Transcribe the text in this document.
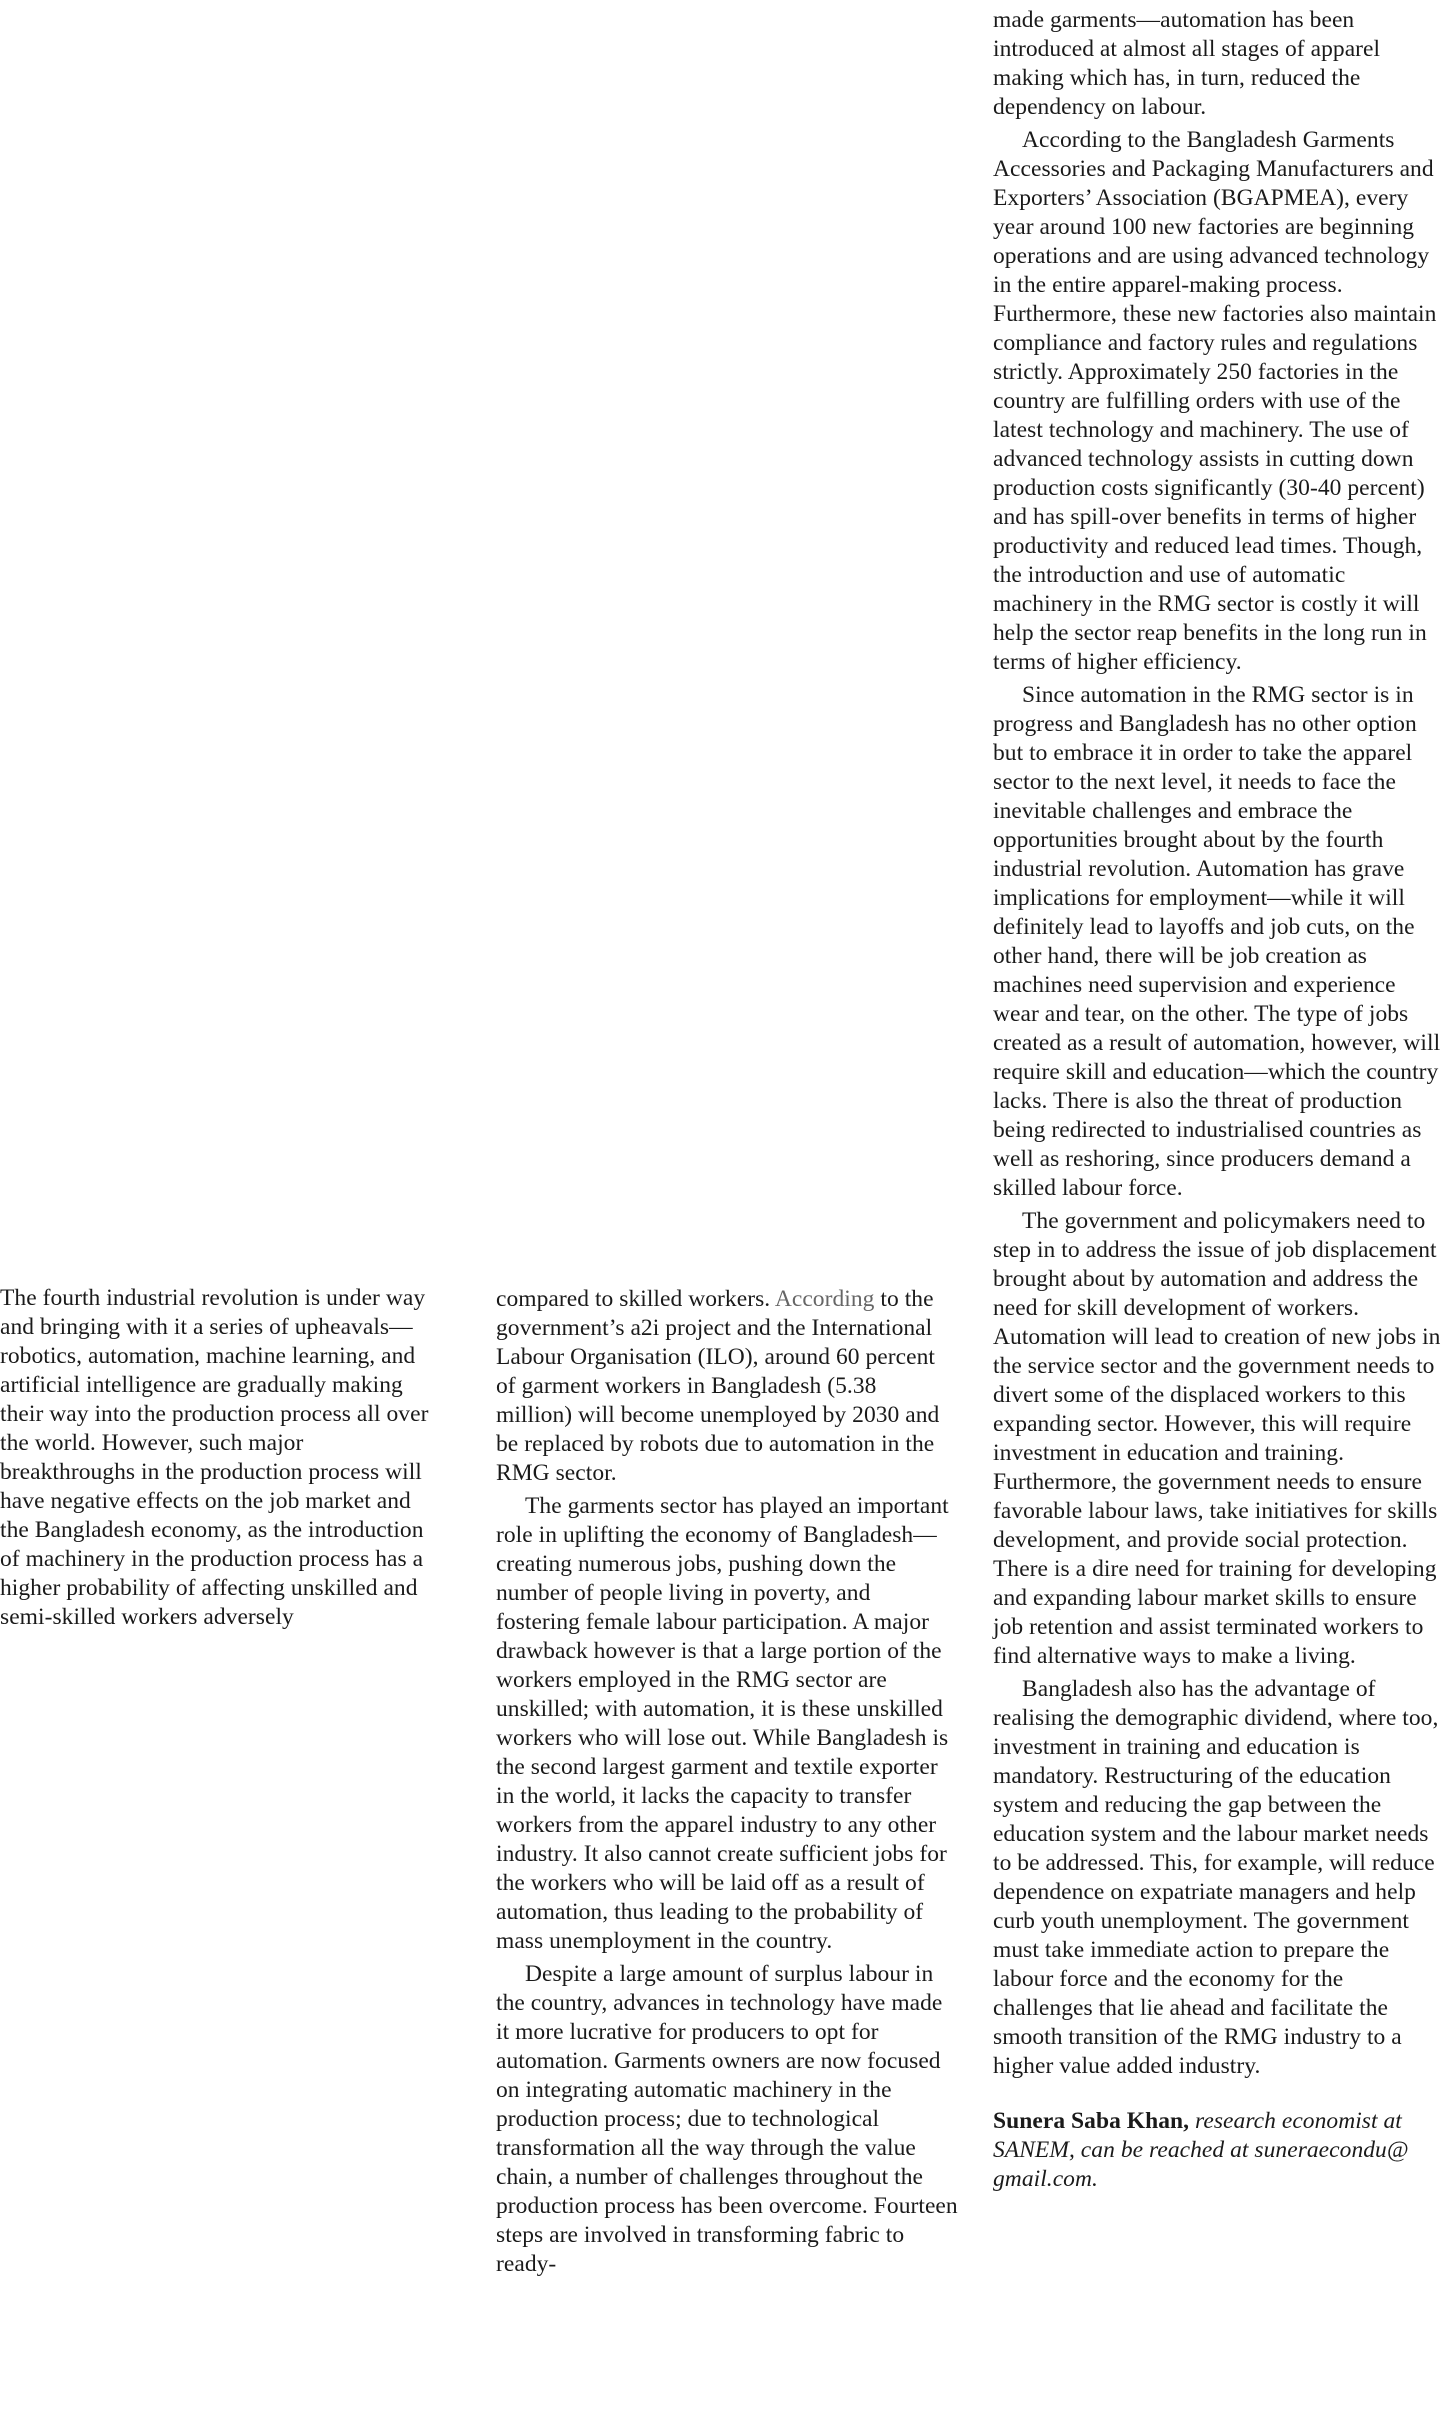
The fourth industrial revolution is under way and bringing with it a series of upheavals—robotics, automation, machine learning, and artificial intelligence are gradually making their way into the production process all over the world. However, such major breakthroughs in the production process will have negative effects on the job market and the Bangladesh economy, as the introduction of machinery in the production process has a higher probability of affecting unskilled and semi-skilled workers adversely

compared to skilled workers. According to the government’s a2i project and the International Labour Organisation (ILO), around 60 percent of garment workers in Bangladesh (5.38 million) will become unemployed by 2030 and be replaced by robots due to automation in the RMG sector.

The garments sector has played an important role in uplifting the economy of Bangladesh—creating numerous jobs, pushing down the number of people living in poverty, and fostering female labour participation. A major drawback however is that a large portion of the workers employed in the RMG sector are unskilled; with automation, it is these unskilled workers who will lose out. While Bangladesh is the second largest garment and textile exporter in the world, it lacks the capacity to transfer workers from the apparel industry to any other industry. It also cannot create sufficient jobs for the workers who will be laid off as a result of automation, thus leading to the probability of mass unemployment in the country.

Despite a large amount of surplus labour in the country, advances in technology have made it more lucrative for producers to opt for automation. Garments owners are now focused on integrating automatic machinery in the production process; due to technological transformation all the way through the value chain, a number of challenges throughout the production process has been overcome. Fourteen steps are involved in transforming fabric to ready-

made garments—automation has been introduced at almost all stages of apparel making which has, in turn, reduced the dependency on labour.

According to the Bangladesh Garments Accessories and Packaging Manufacturers and Exporters’ Association (BGAPMEA), every year around 100 new factories are beginning operations and are using advanced technology in the entire apparel-making process. Furthermore, these new factories also maintain compliance and factory rules and regulations strictly. Approximately 250 factories in the country are fulfilling orders with use of the latest technology and machinery. The use of advanced technology assists in cutting down production costs significantly (30-40 percent) and has spill-over benefits in terms of higher productivity and reduced lead times. Though, the introduction and use of automatic machinery in the RMG sector is costly it will help the sector reap benefits in the long run in terms of higher efficiency.

Since automation in the RMG sector is in progress and Bangladesh has no other option but to embrace it in order to take the apparel sector to the next level, it needs to face the inevitable challenges and embrace the opportunities brought about by the fourth industrial revolution. Automation has grave implications for employment—while it will definitely lead to layoffs and job cuts, on the other hand, there will be job creation as machines need supervision and experience wear and tear, on the other. The type of jobs created as a result of automation, however, will require skill and education—which the country lacks. There is also the threat of production being redirected to industrialised countries as well as reshoring, since producers demand a skilled labour force.

The government and policymakers need to step in to address the issue of job displacement brought about by automation and address the need for skill development of workers. Automation will lead to creation of new jobs in the service sector and the government needs to divert some of the displaced workers to this expanding sector. However, this will require investment in education and training. Furthermore, the government needs to ensure favorable labour laws, take initiatives for skills development, and provide social protection. There is a dire need for training for developing and expanding labour market skills to ensure job retention and assist terminated workers to find alternative ways to make a living.

Bangladesh also has the advantage of realising the demographic dividend, where too, investment in training and education is mandatory. Restructuring of the education system and reducing the gap between the education system and the labour market needs to be addressed. This, for example, will reduce dependence on expatriate managers and help curb youth unemployment. The government must take immediate action to prepare the labour force and the economy for the challenges that lie ahead and facilitate the smooth transition of the RMG industry to a higher value added industry.

Sunera Saba Khan, research economist at SANEM, can be reached at suneraecondu@ gmail.com.
